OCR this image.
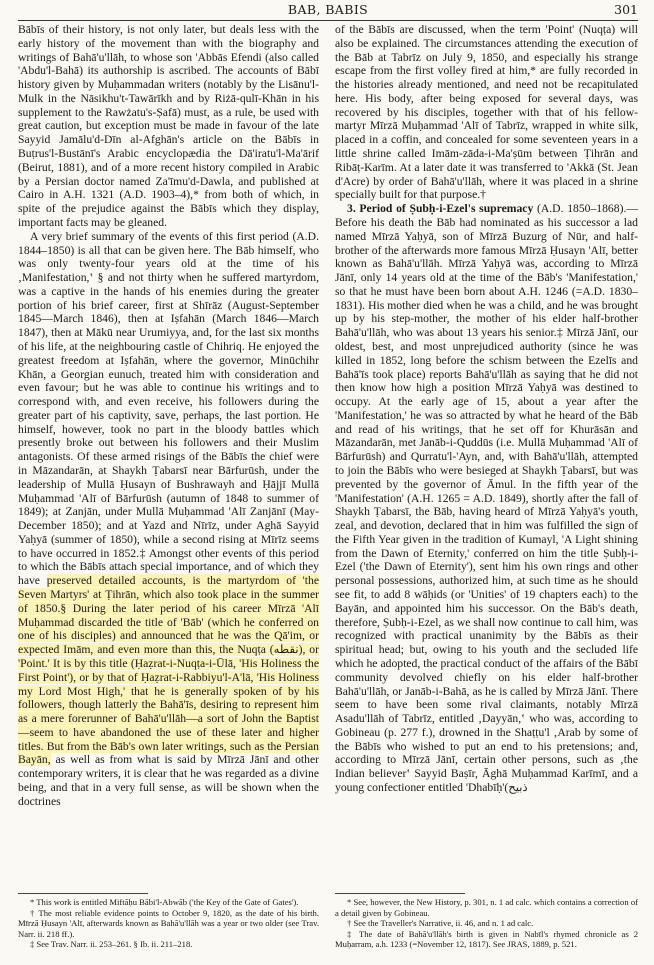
BAB, BABIS	301

Bābīs of their history, is not only later, but deals less with the early history of the movement than with the biography and writings of Bahā'u'llāh, to whose son 'Abbās Efendi (also called 'Abdu'l-Bahā) its authorship is ascribed. The accounts of Bābī history given by Muḥammadan writers (notably by the Lisānu'l-Mulk in the Nāsikhu't-Tawārīkh and by Riżā-qulī-Khān in his supplement to the Rawżatu's-Ṣafā) must, as a rule, be used with great caution, but exception must be made in favour of the late Sayyid Jamālu'd-Dīn al-Afghān's article on the Bābīs in Buṭrus'l-Bustānī's Arabic encyclopædia the Dā'iratu'l-Ma'ārif (Beirut, 1881), and of a more recent history compiled in Arabic by a Persian doctor named Za'īmu'd-Dawla, and published at Cairo in A.H. 1321 (A.D. 1903–4),* from both of which, in spite of the prejudice against the Bābīs which they display, important facts may be gleaned.

A very brief summary of the events of this first period (A.D. 1844–1850) is all that can be given here. The Bāb himself, who was only twenty-four years old at the time of his ‚Manifestation,‛ § and not thirty when he suffered martyrdom, was a captive in the hands of his enemies during the greater portion of his brief career, first at Shīrāz (August-September 1845—March 1846), then at Iṣfahān (March 1846—March 1847), then at Mākū near Urumiyya, and, for the last six months of his life, at the neighbouring castle of Chihriq. He enjoyed the greatest freedom at Iṣfahān, where the governor, Minūchihr Khān, a Georgian eunuch, treated him with consideration and even favour; but he was able to continue his writings and to correspond with, and even receive, his followers during the greater part of his captivity, save, perhaps, the last portion. He himself, however, took no part in the bloody battles which presently broke out between his followers and their Muslim antagonists. Of these armed risings of the Bābīs the chief were in Māzandarān, at Shaykh Ṭabarsī near Bārfurūsh, under the leadership of Mullā Ḥusayn of Bushrawayh and Ḥājjī Mullā Muḥammad 'Alī of Bārfurūsh (autumn of 1848 to summer of 1849); at Zanjān, under Mullā Muḥammad 'Alī Zanjānī (May-December 1850); and at Yazd and Nīrīz, under Aghā Sayyid Yaḥyā (summer of 1850), while a second rising at Mīrīz seems to have occurred in 1852.‡ Amongst other events of this period to which the Bābīs attach special importance, and of which they have preserved detailed accounts, is the martyrdom of 'the Seven Martyrs' at Ṭihrān, which also took place in the summer of 1850.§ During the later period of his career Mīrzā 'Alī Muḥammad discarded the title of 'Bāb' (which he conferred on one of his disciples) and announced that he was the Qā'im, or expected Imām, and even more than this, the Nuqṭa (نقطه), or 'Point.' It is by this title (Ḥaẓrat-i-Nuqṭa-i-Ūlā, 'His Holiness the First Point'), or by that of Ḥaẓrat-i-Rabbiyu'l-A'lā, 'His Holiness my Lord Most High,' that he is generally spoken of by his followers, though latterly the Bahā'īs, desiring to represent him as a mere forerunner of Bahā'u'llāh—a sort of John the Baptist—seem to have abandoned the use of these later and higher titles. But from the Bāb's own later writings, such as the Persian Bayān, as well as from what is said by Mīrzā Jānī and other contemporary writers, it is clear that he was regarded as a divine being, and that in a very full sense, as will be shown when the doctrines

of the Bābīs are discussed, when the term 'Point' (Nuqṭa) will also be explained. The circumstances attending the execution of the Bāb at Tabrīz on July 9, 1850, and especially his strange escape from the first volley fired at him,* are fully recorded in the histories already mentioned, and need not be recapitulated here. His body, after being exposed for several days, was recovered by his disciples, together with that of his fellow-martyr Mīrzā Muḥammad 'Alī of Tabrīz, wrapped in white silk, placed in a coffin, and concealed for some seventeen years in a little shrine called Imām-zāda-i-Ma'ṣūm between Ṭihrān and Ribāṭ-Karīm. At a later date it was transferred to 'Akkā (St. Jean d'Acre) by order of Bahā'u'llāh, where it was placed in a shrine specially built for that purpose.†

3. Period of Ṣubḥ-i-Ezel's supremacy (A.D. 1850–1868).—Before his death the Bāb had nominated as his successor a lad named Mīrzā Yaḥyā, son of Mīrzā Buzurg of Nūr, and half-brother of the afterwards more famous Mīrzā Ḥusayn 'Alī, better known as Bahā'u'llāh. Mīrzā Yaḥyā was, according to Mīrzā Jānī, only 14 years old at the time of the Bāb's 'Manifestation,' so that he must have been born about A.H. 1246 (=A.D. 1830–1831). His mother died when he was a child, and he was brought up by his step-mother, the mother of his elder half-brother Bahā'u'llāh, who was about 13 years his senior.‡ Mīrzā Jānī, our oldest, best, and most unprejudiced authority (since he was killed in 1852, long before the schism between the Ezelīs and Bahā'īs took place) reports Bahā'u'llāh as saying that he did not then know how high a position Mīrzā Yaḥyā was destined to occupy. At the early age of 15, about a year after the 'Manifestation,' he was so attracted by what he heard of the Bāb and read of his writings, that he set off for Khurāsān and Māzandarān, met Janāb-i-Quddūs (i.e. Mullā Muḥammad 'Alī of Bārfurūsh) and Qurratu'l-'Ayn, and, with Bahā'u'llāh, attempted to join the Bābīs who were besieged at Shaykh Ṭabarsī, but was prevented by the governor of Āmul. In the fifth year of the 'Manifestation' (A.H. 1265 = A.D. 1849), shortly after the fall of Shaykh Ṭabarsī, the Bāb, having heard of Mīrzā Yaḥyā's youth, zeal, and devotion, declared that in him was fulfilled the sign of the Fifth Year given in the tradition of Kumayl, 'A Light shining from the Dawn of Eternity,' conferred on him the title Ṣubḥ-i-Ezel ('the Dawn of Eternity'), sent him his own rings and other personal possessions, authorized him, at such time as he should see fit, to add 8 wāḥids (or 'Unities' of 19 chapters each) to the Bayān, and appointed him his successor. On the Bāb's death, therefore, Ṣubḥ-i-Ezel, as we shall now continue to call him, was recognized with practical unanimity by the Bābīs as their spiritual head; but, owing to his youth and the secluded life which he adopted, the practical conduct of the affairs of the Bābī community devolved chiefly on his elder half-brother Bahā'u'llāh, or Janāb-i-Bahā, as he is called by Mīrzā Jānī. There seem to have been some rival claimants, notably Mīrzā Asadu'llāh of Tabrīz, entitled ‚Dayyān,‛ who was, according to Gobineau (p. 277 f.), drowned in the Shaṭṭu'l ‚Arab by some of the Bābīs who wished to put an end to his pretensions; and, according to Mīrzā Jānī, certain other persons, such as ‚the Indian believer‛ Sayyid Baṣīr, Āghā Muḥammad Karīmī, and a young confectioner entitled 'Dhabīḥ'(ذبیح

* This work is entitled Miftāḥu Bābi'l-Abwāb ('the Key of the Gate of Gates').

† The most reliable evidence points to October 9, 1820, as the date of his birth. Mīrzā Ḥusayn 'Alī, afterwards known as Bahā'u'llāh was a year or two older (see Trav. Narr. ii. 218 ff.).

‡ See Trav. Narr. ii. 253–261. § Ib. ii. 211–218.

* See, however, the New History, p. 301, n. 1 ad calc. which contains a correction of a detail given by Gobineau.

† See the Traveller's Narrative, ii. 46, and n. 1 ad calc.

‡ The date of Bahā'u'llāh's birth is given in Nabīl's rhymed chronicle as 2 Muḥarram, a.h. 1233 (=November 12, 1817). See JRAS, 1889, p. 521.
